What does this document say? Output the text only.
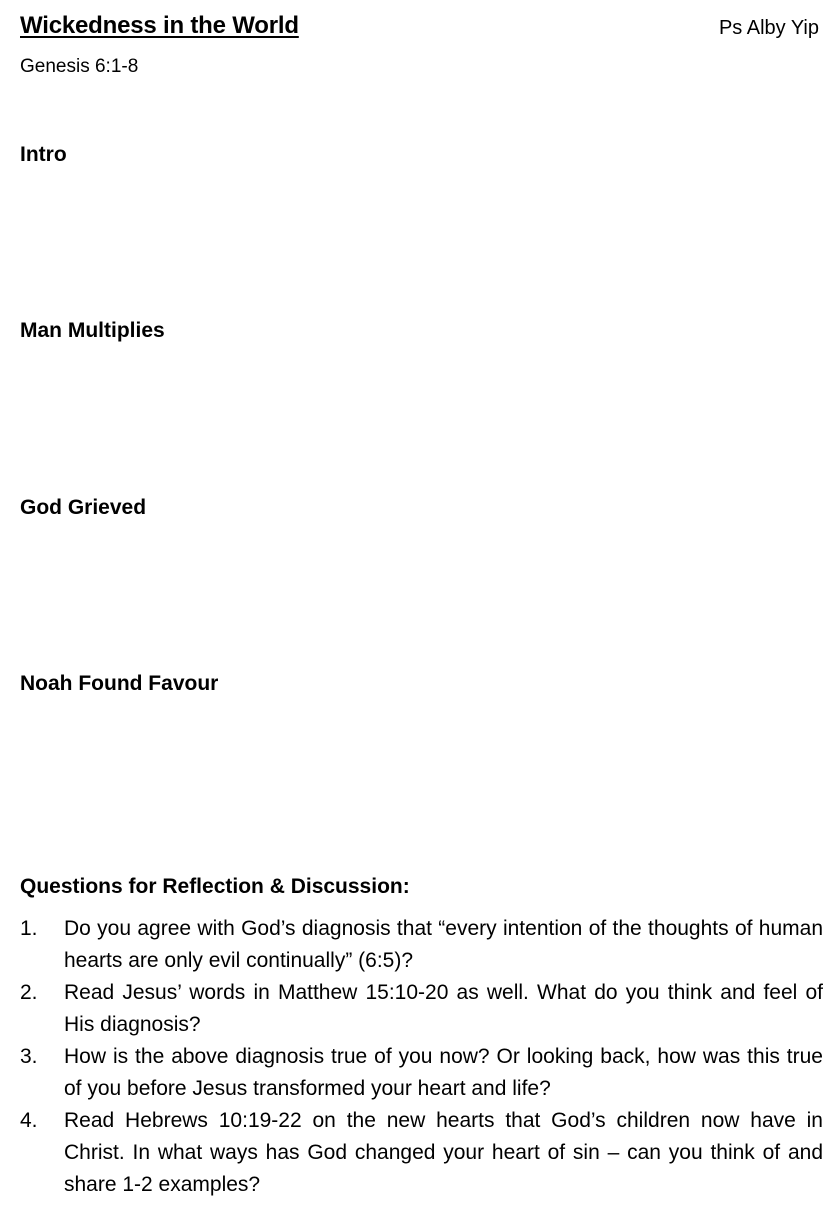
Wickedness in the World	Ps Alby Yip
Genesis 6:1-8
Intro
Man Multiplies
God Grieved
Noah Found Favour
Questions for Reflection & Discussion:
1. Do you agree with God’s diagnosis that “every intention of the thoughts of human hearts are only evil continually” (6:5)?
2. Read Jesus’ words in Matthew 15:10-20 as well. What do you think and feel of His diagnosis?
3. How is the above diagnosis true of you now? Or looking back, how was this true of you before Jesus transformed your heart and life?
4. Read Hebrews 10:19-22 on the new hearts that God’s children now have in Christ. In what ways has God changed your heart of sin – can you think of and share 1-2 examples?
